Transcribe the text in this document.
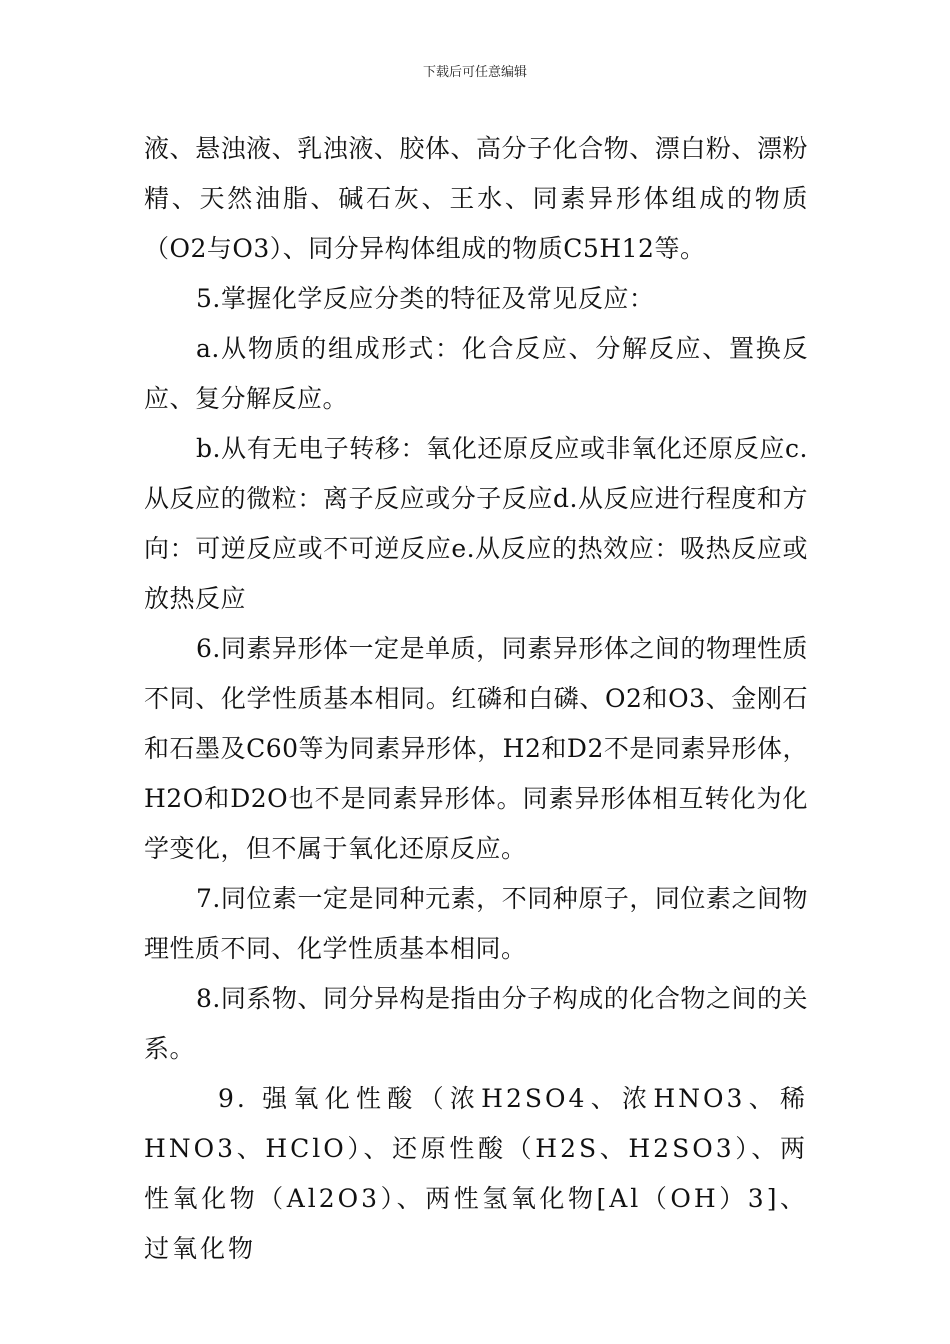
下载后可任意编辑

液、悬浊液、乳浊液、胶体、高分子化合物、漂白粉、漂粉精、天然油脂、碱石灰、王水、同素异形体组成的物质（O2与O3）、同分异构体组成的物质C5H12等。

5.掌握化学反应分类的特征及常见反应：

a.从物质的组成形式：化合反应、分解反应、置换反应、复分解反应。

b.从有无电子转移：氧化还原反应或非氧化还原反应c.从反应的微粒：离子反应或分子反应d.从反应进行程度和方向：可逆反应或不可逆反应e.从反应的热效应：吸热反应或放热反应

6.同素异形体一定是单质，同素异形体之间的物理性质不同、化学性质基本相同。红磷和白磷、O2和O3、金刚石和石墨及C60等为同素异形体，H2和D2不是同素异形体，H2O和D2O也不是同素异形体。同素异形体相互转化为化学变化，但不属于氧化还原反应。

7.同位素一定是同种元素，不同种原子，同位素之间物理性质不同、化学性质基本相同。

8.同系物、同分异构是指由分子构成的化合物之间的关系。

9. 强氧化性酸（浓H2SO4、浓HNO3、稀HNO3、HClO）、还原性酸（H2S、H2SO3）、两性氧化物（Al2O3）、两性氢氧化物[Al（OH）3]、过氧化物
